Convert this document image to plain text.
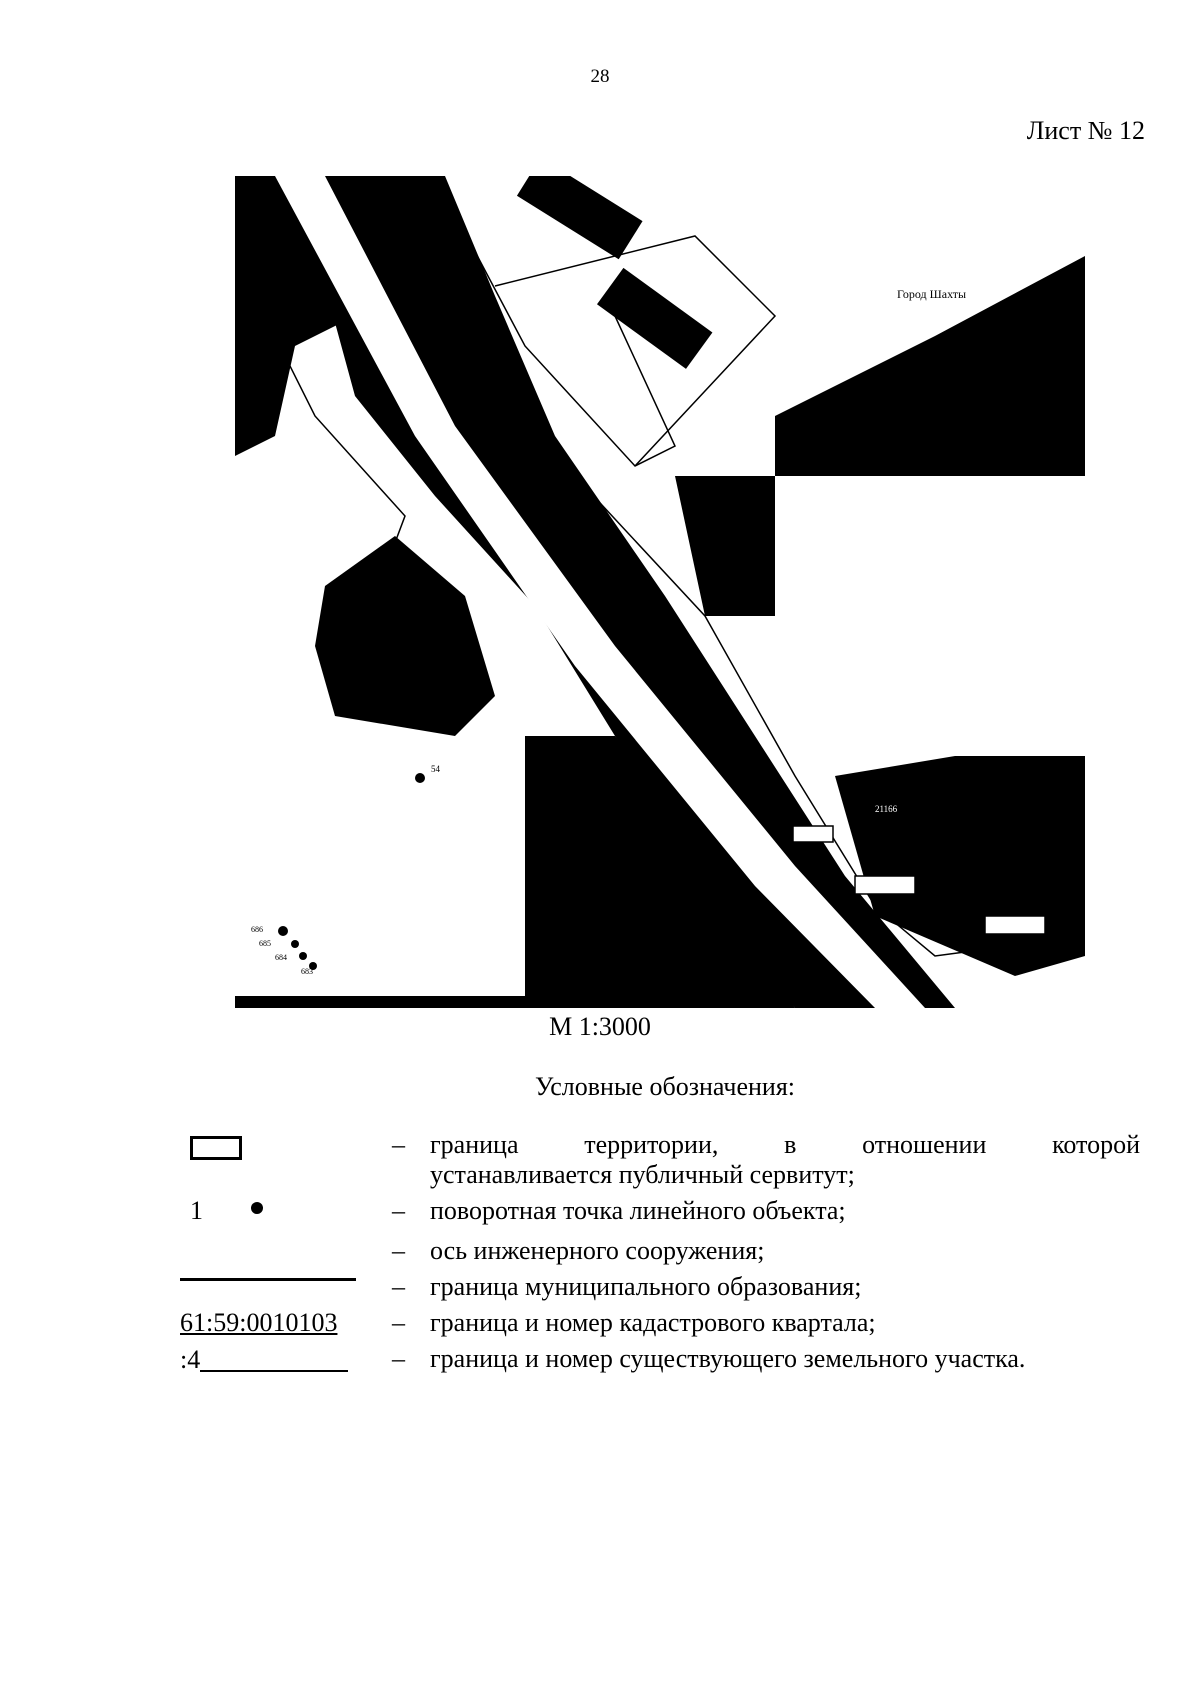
28
Лист № 12
Город Шахты
0020521
21166
54
686
685
684
683
М 1:3000
Условные обозначения:
– граница территории, в отношении которой
устанавливается публичный сервитут;
1	– поворотная точка линейного объекта;
– ось инженерного сооружения;
– граница муниципального образования;
61:59:0010103	– граница и номер кадастрового квартала;
:4	– граница и номер существующего земельного участка.
